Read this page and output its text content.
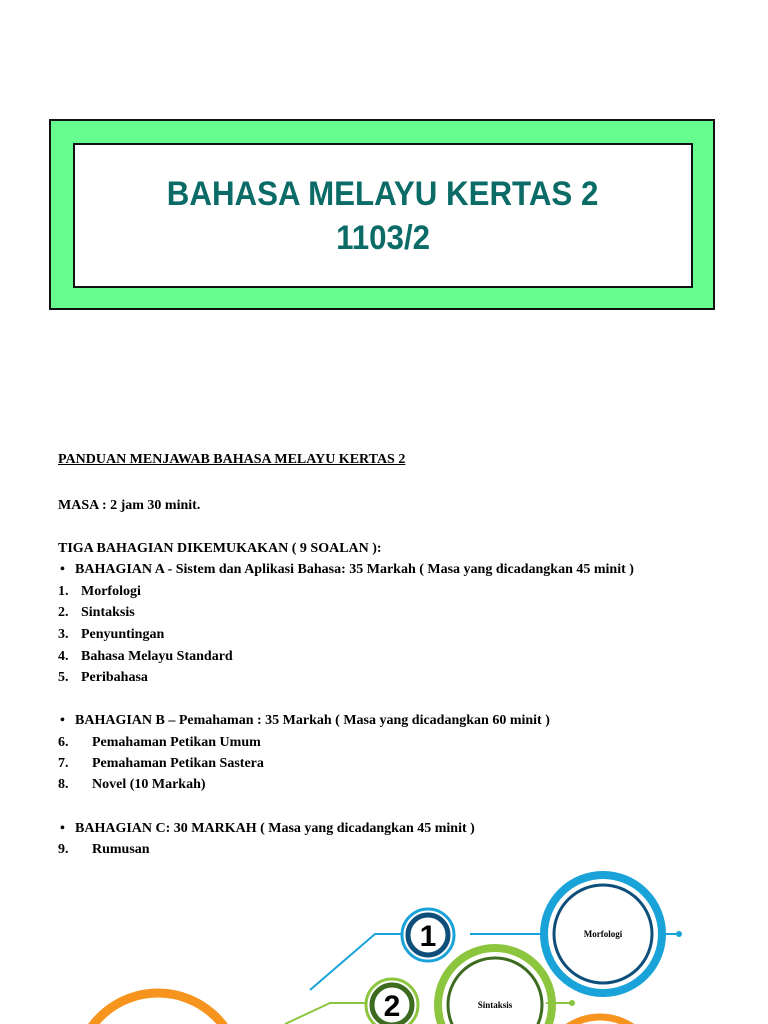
BAHASA MELAYU KERTAS 2
1103/2
PANDUAN MENJAWAB BAHASA MELAYU KERTAS 2
MASA : 2 jam 30 minit.
TIGA BAHAGIAN DIKEMUKAKAN ( 9 SOALAN ):
• BAHAGIAN A - Sistem dan Aplikasi Bahasa: 35 Markah ( Masa yang dicadangkan 45 minit )
1. Morfologi
2. Sintaksis
3. Penyuntingan
4. Bahasa Melayu Standard
5. Peribahasa
• BAHAGIAN B – Pemahaman : 35 Markah ( Masa yang dicadangkan 60 minit )
6. Pemahaman Petikan Umum
7. Pemahaman Petikan Sastera
8. Novel (10 Markah)
• BAHAGIAN C: 30 MARKAH ( Masa yang dicadangkan 45 minit )
9. Rumusan
1
2
Morfologi
Sintaksis
